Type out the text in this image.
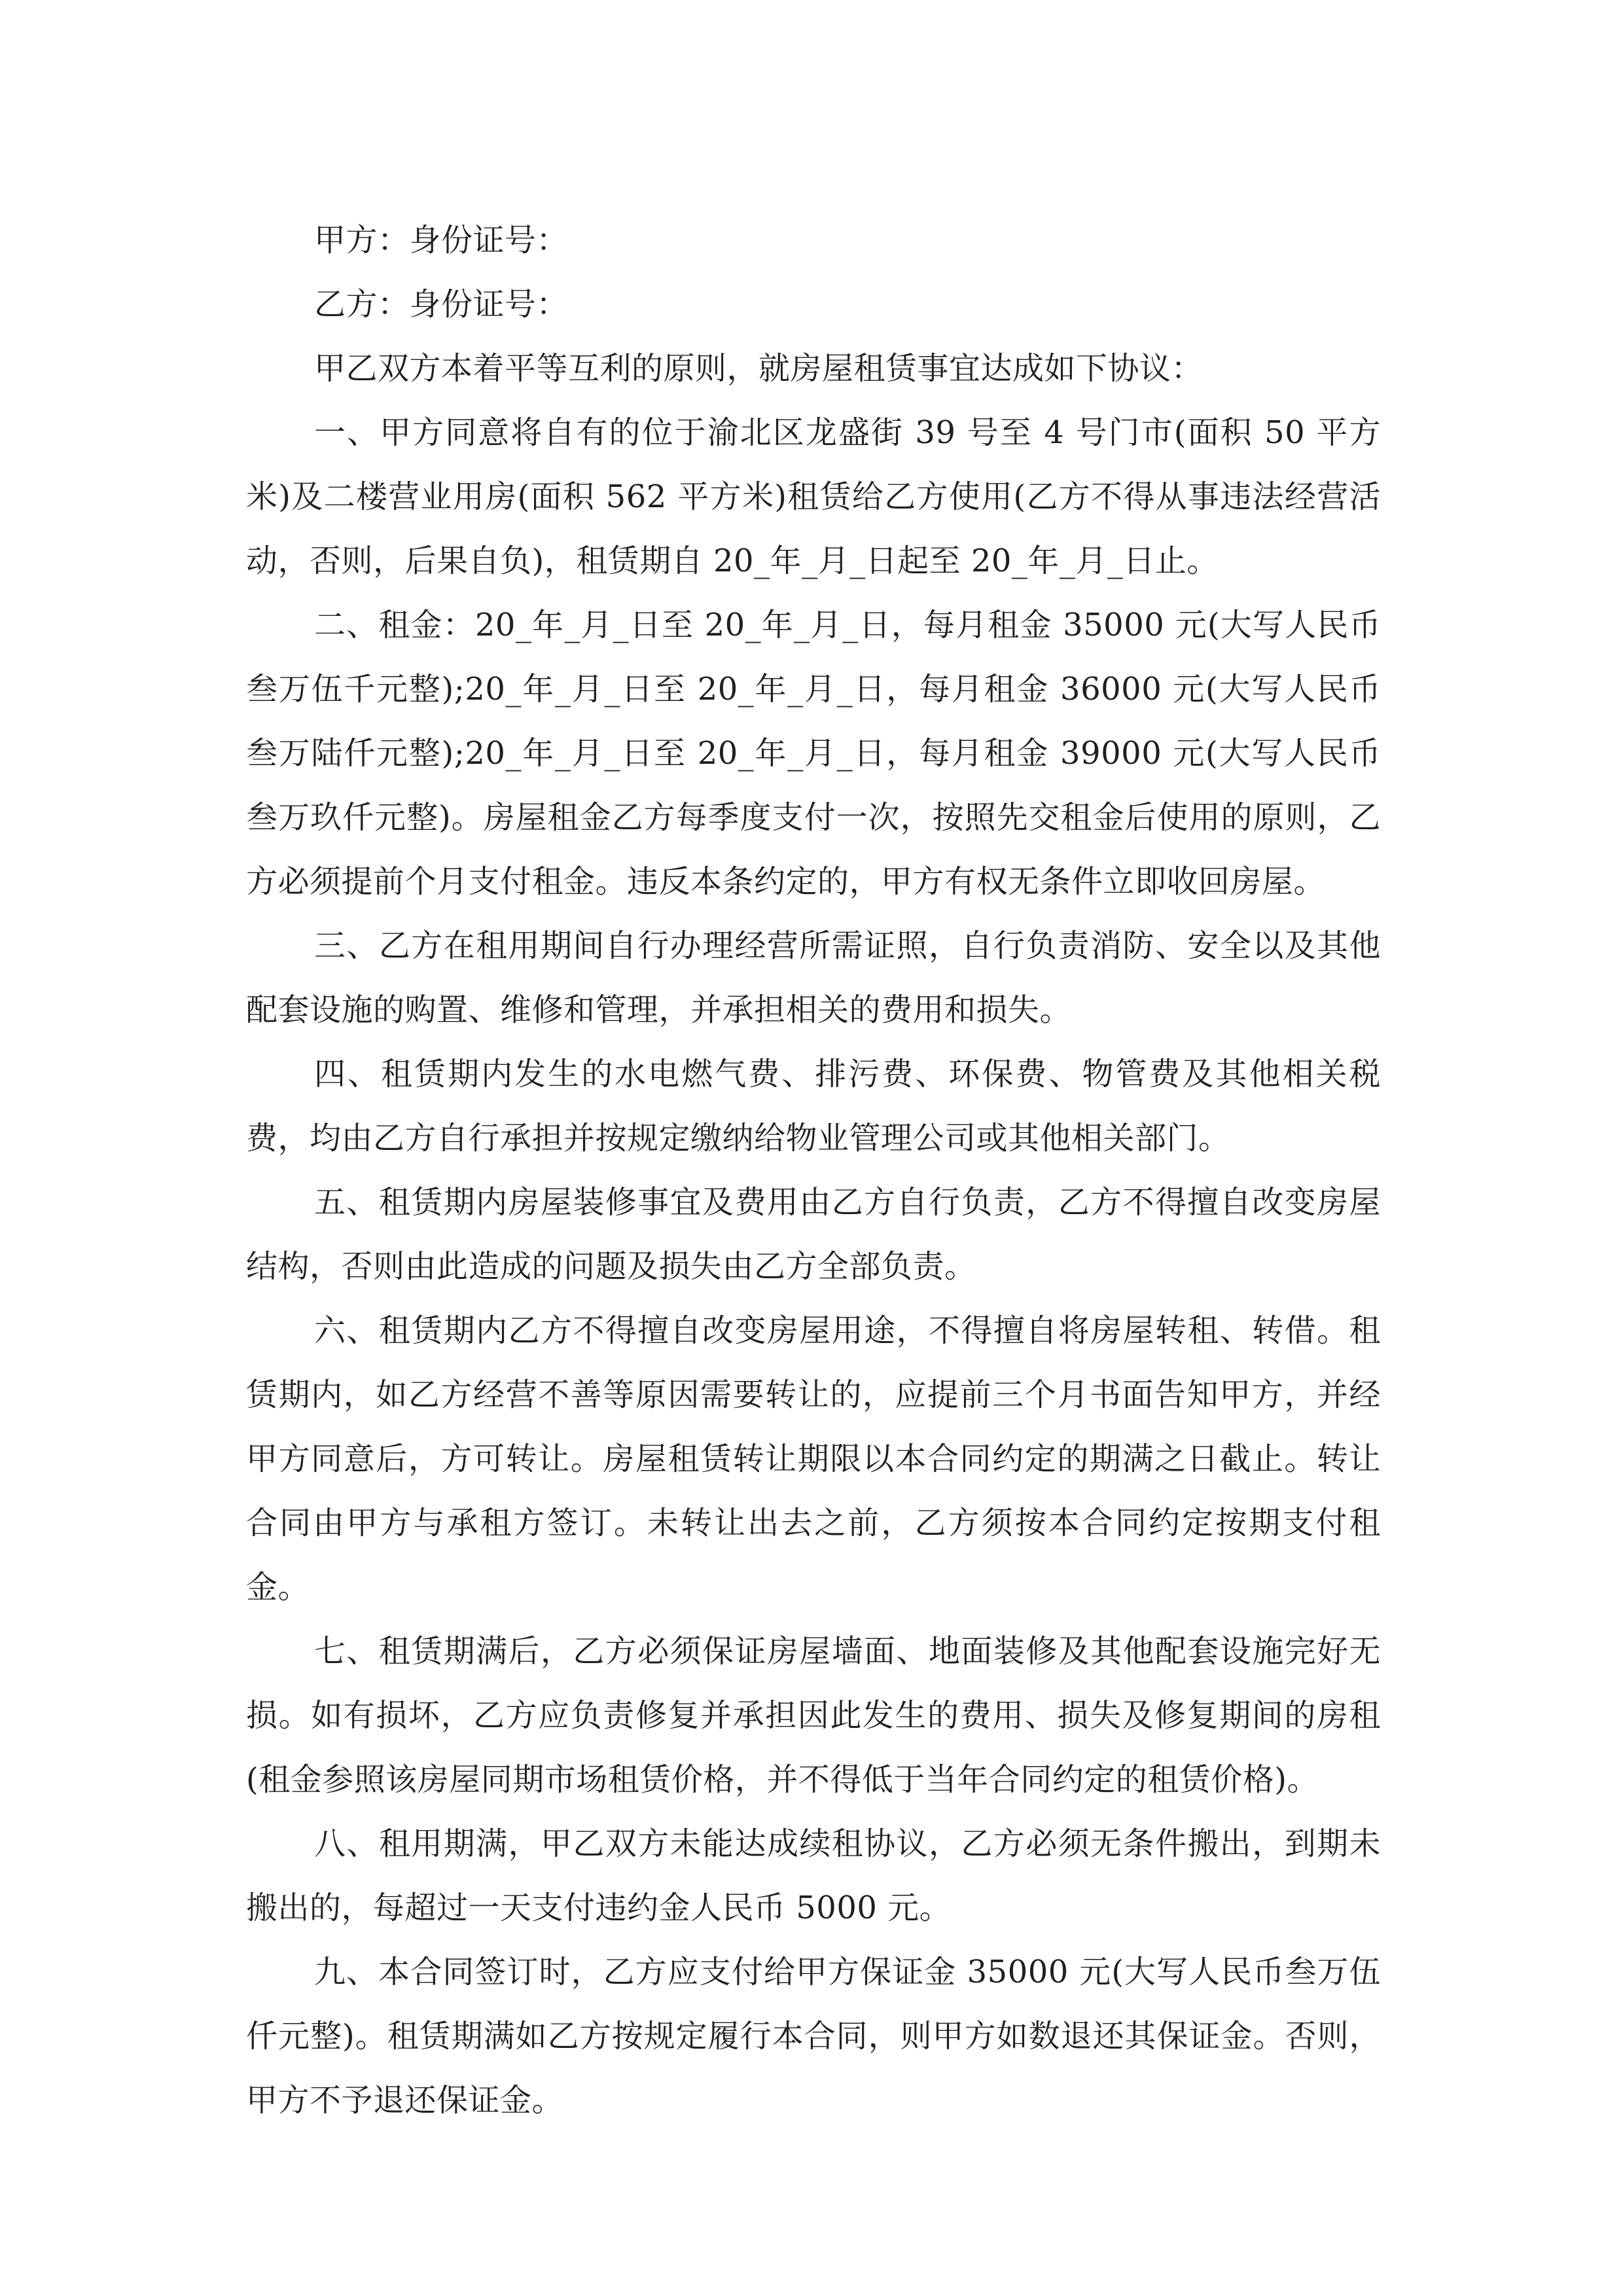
甲方：身份证号：

乙方：身份证号：

甲乙双方本着平等互利的原则，就房屋租赁事宜达成如下协议：

一、甲方同意将自有的位于渝北区龙盛街 39 号至 4 号门市(面积 50 平方米)及二楼营业用房(面积 562 平方米)租赁给乙方使用(乙方不得从事违法经营活动，否则，后果自负)，租赁期自 20_年_月_日起至 20_年_月_日止。

二、租金：20_年_月_日至 20_年_月_日，每月租金 35000 元(大写人民币叁万伍千元整);20_年_月_日至 20_年_月_日，每月租金 36000 元(大写人民币叁万陆仟元整);20_年_月_日至 20_年_月_日，每月租金 39000 元(大写人民币叁万玖仟元整)。房屋租金乙方每季度支付一次，按照先交租金后使用的原则，乙方必须提前个月支付租金。违反本条约定的，甲方有权无条件立即收回房屋。

三、乙方在租用期间自行办理经营所需证照，自行负责消防、安全以及其他配套设施的购置、维修和管理，并承担相关的费用和损失。

四、租赁期内发生的水电燃气费、排污费、环保费、物管费及其他相关税费，均由乙方自行承担并按规定缴纳给物业管理公司或其他相关部门。

五、租赁期内房屋装修事宜及费用由乙方自行负责，乙方不得擅自改变房屋结构，否则由此造成的问题及损失由乙方全部负责。

六、租赁期内乙方不得擅自改变房屋用途，不得擅自将房屋转租、转借。租赁期内，如乙方经营不善等原因需要转让的，应提前三个月书面告知甲方，并经甲方同意后，方可转让。房屋租赁转让期限以本合同约定的期满之日截止。转让合同由甲方与承租方签订。未转让出去之前，乙方须按本合同约定按期支付租金。

七、租赁期满后，乙方必须保证房屋墙面、地面装修及其他配套设施完好无损。如有损坏，乙方应负责修复并承担因此发生的费用、损失及修复期间的房租(租金参照该房屋同期市场租赁价格，并不得低于当年合同约定的租赁价格)。

八、租用期满，甲乙双方未能达成续租协议，乙方必须无条件搬出，到期未搬出的，每超过一天支付违约金人民币 5000 元。

九、本合同签订时，乙方应支付给甲方保证金 35000 元(大写人民币叁万伍仟元整)。租赁期满如乙方按规定履行本合同，则甲方如数退还其保证金。否则，甲方不予退还保证金。
